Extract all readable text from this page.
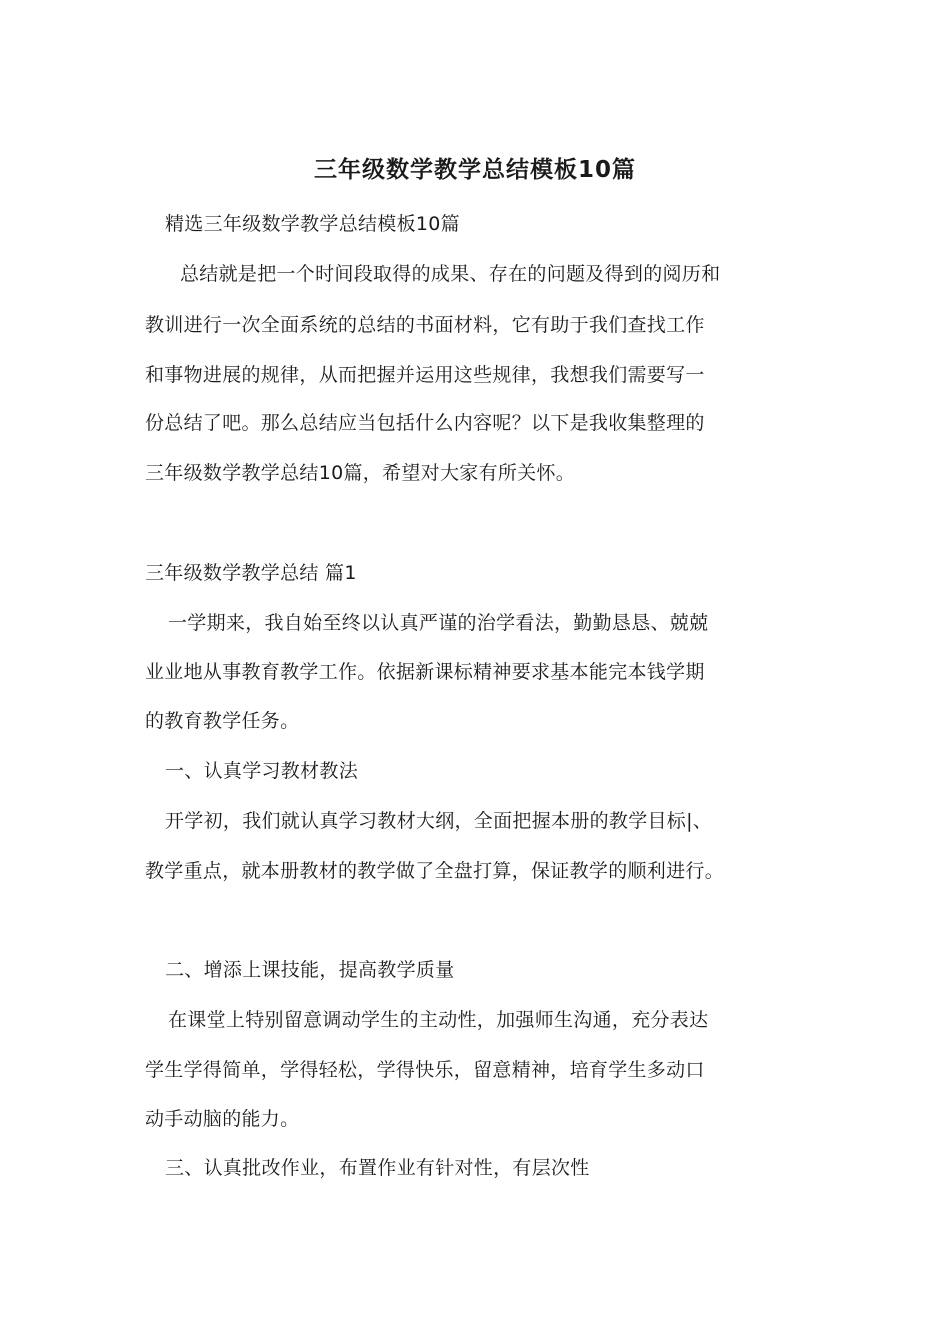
三年级数学教学总结模板10篇
精选三年级数学教学总结模板10篇
总结就是把一个时间段取得的成果、存在的问题及得到的阅历和
教训进行一次全面系统的总结的书面材料，它有助于我们查找工作
和事物进展的规律，从而把握并运用这些规律，我想我们需要写一
份总结了吧。那么总结应当包括什么内容呢？以下是我收集整理的
三年级数学教学总结10篇，希望对大家有所关怀。
三年级数学教学总结 篇1
一学期来，我自始至终以认真严谨的治学看法，勤勤恳恳、兢兢
业业地从事教育教学工作。依据新课标精神要求基本能完本钱学期
的教育教学任务。
一、认真学习教材教法
开学初，我们就认真学习教材大纲，全面把握本册的教学目标|、
教学重点，就本册教材的教学做了全盘打算，保证教学的顺利进行。
二、增添上课技能，提高教学质量
在课堂上特别留意调动学生的主动性，加强师生沟通，充分表达
学生学得简单，学得轻松，学得快乐，留意精神，培育学生多动口
动手动脑的能力。
三、认真批改作业，布置作业有针对性，有层次性
